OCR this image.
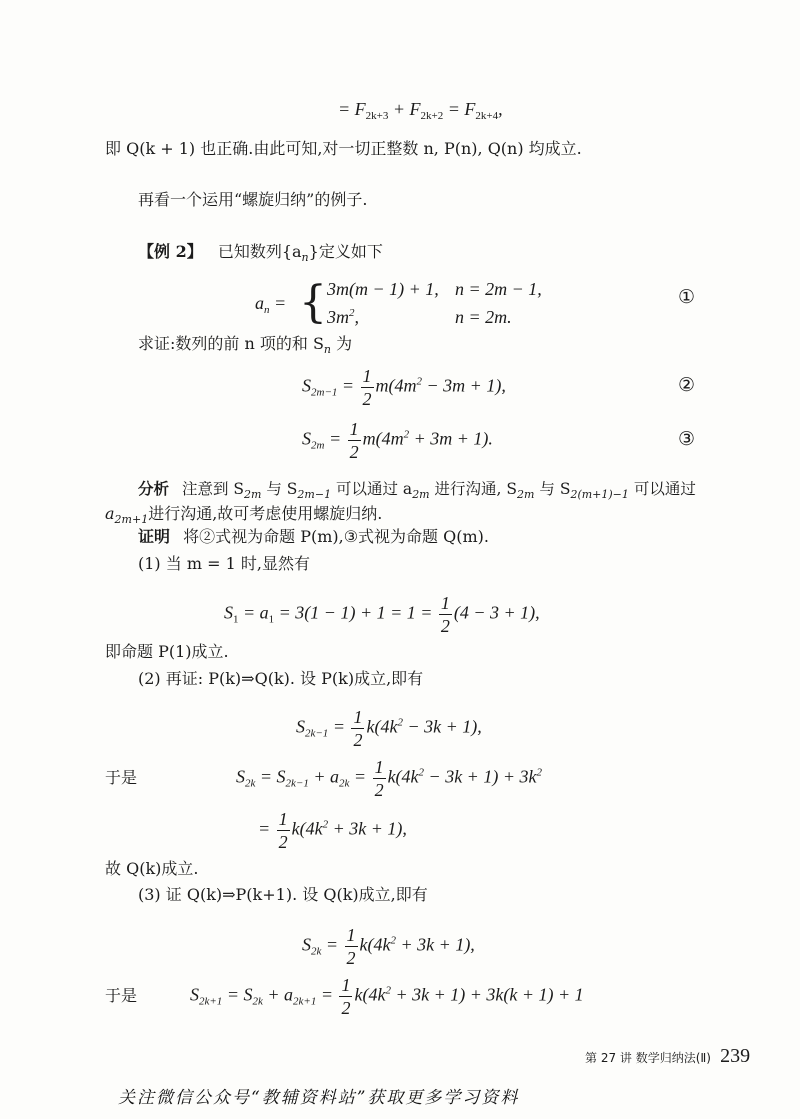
= $F_{2k+3} + F_{2k+2} = F_{2k+4}$,
即 Q(k + 1) 也正确.由此可知,对一切正整数 n, P(n), Q(n) 均成立.
再看一个运用“螺旋归纳”的例子.
【例 2】 已知数列$\{a_n\}$定义如下
$a_n$ = { 3m(m − 1) + 1, n = 2m − 1,
$3m^2$,	n = 2m.
①
求证:数列的前 n 项的和 $S_n$ 为
$S_{2m-1} = \frac{1}{2} m(4m^2 - 3m + 1)$,	②
$S_{2m} = \frac{1}{2} m(4m^2 + 3m + 1)$.	③
分析 注意到 $S_{2m}$ 与 $S_{2m-1}$ 可以通过 $a_{2m}$ 进行沟通, $S_{2m}$ 与 $S_{2(m+1)-1}$ 可以通过
$a_{2m+1}$进行沟通,故可考虑使用螺旋归纳.
证明 将②式视为命题 P(m),③式视为命题 Q(m).
(1) 当 m = 1 时,显然有
$S_1 = a_1 = 3(1 - 1) + 1 = 1 = \frac{1}{2} (4 - 3 + 1)$,
即命题 P(1)成立.
(2) 再证: P(k)⇒Q(k). 设 P(k)成立,即有
$S_{2k-1} = \frac{1}{2} k(4k^2 - 3k + 1)$,
于是	$S_{2k} = S_{2k-1} + a_{2k} = \frac{1}{2} k(4k^2 - 3k + 1) + 3k^2$
= $\frac{1}{2} k(4k^2 + 3k + 1)$,
故 Q(k)成立.
(3) 证 Q(k)⇒P(k+1). 设 Q(k)成立,即有
$S_{2k} = \frac{1}{2} k(4k^2 + 3k + 1)$,
于是	$S_{2k+1} = S_{2k} + a_{2k+1} = \frac{1}{2} k(4k^2 + 3k + 1) + 3k(k + 1) + 1$
第 27 讲 数学归纳法(Ⅱ) 239
关注微信公众号“教辅资料站”获取更多学习资料
